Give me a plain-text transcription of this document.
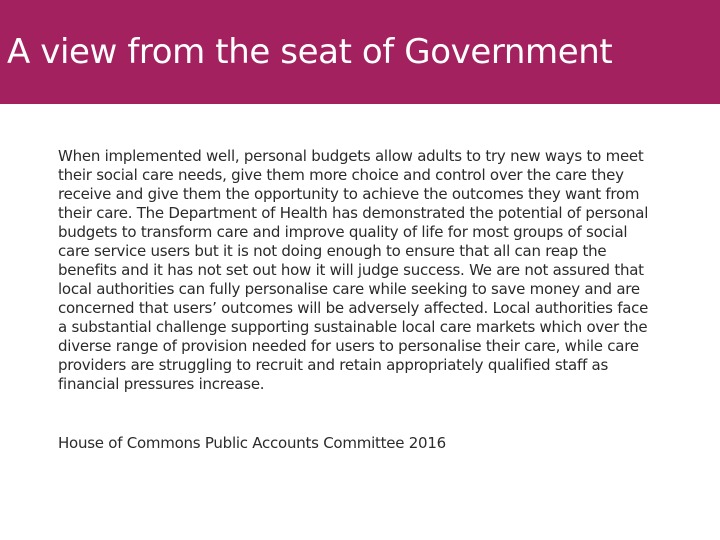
A view from the seat of Government

When implemented well, personal budgets allow adults to try new ways to meet their social care needs, give them more choice and control over the care they receive and give them the opportunity to achieve the outcomes they want from their care. The Department of Health has demonstrated the potential of personal budgets to transform care and improve quality of life for most groups of social care service users but it is not doing enough to ensure that all can reap the benefits and it has not set out how it will judge success. We are not assured that local authorities can fully personalise care while seeking to save money and are concerned that users’ outcomes will be adversely affected. Local authorities face a substantial challenge supporting sustainable local care markets which over the diverse range of provision needed for users to personalise their care, while care providers are struggling to recruit and retain appropriately qualified staff as financial pressures increase.

House of Commons Public Accounts Committee 2016
